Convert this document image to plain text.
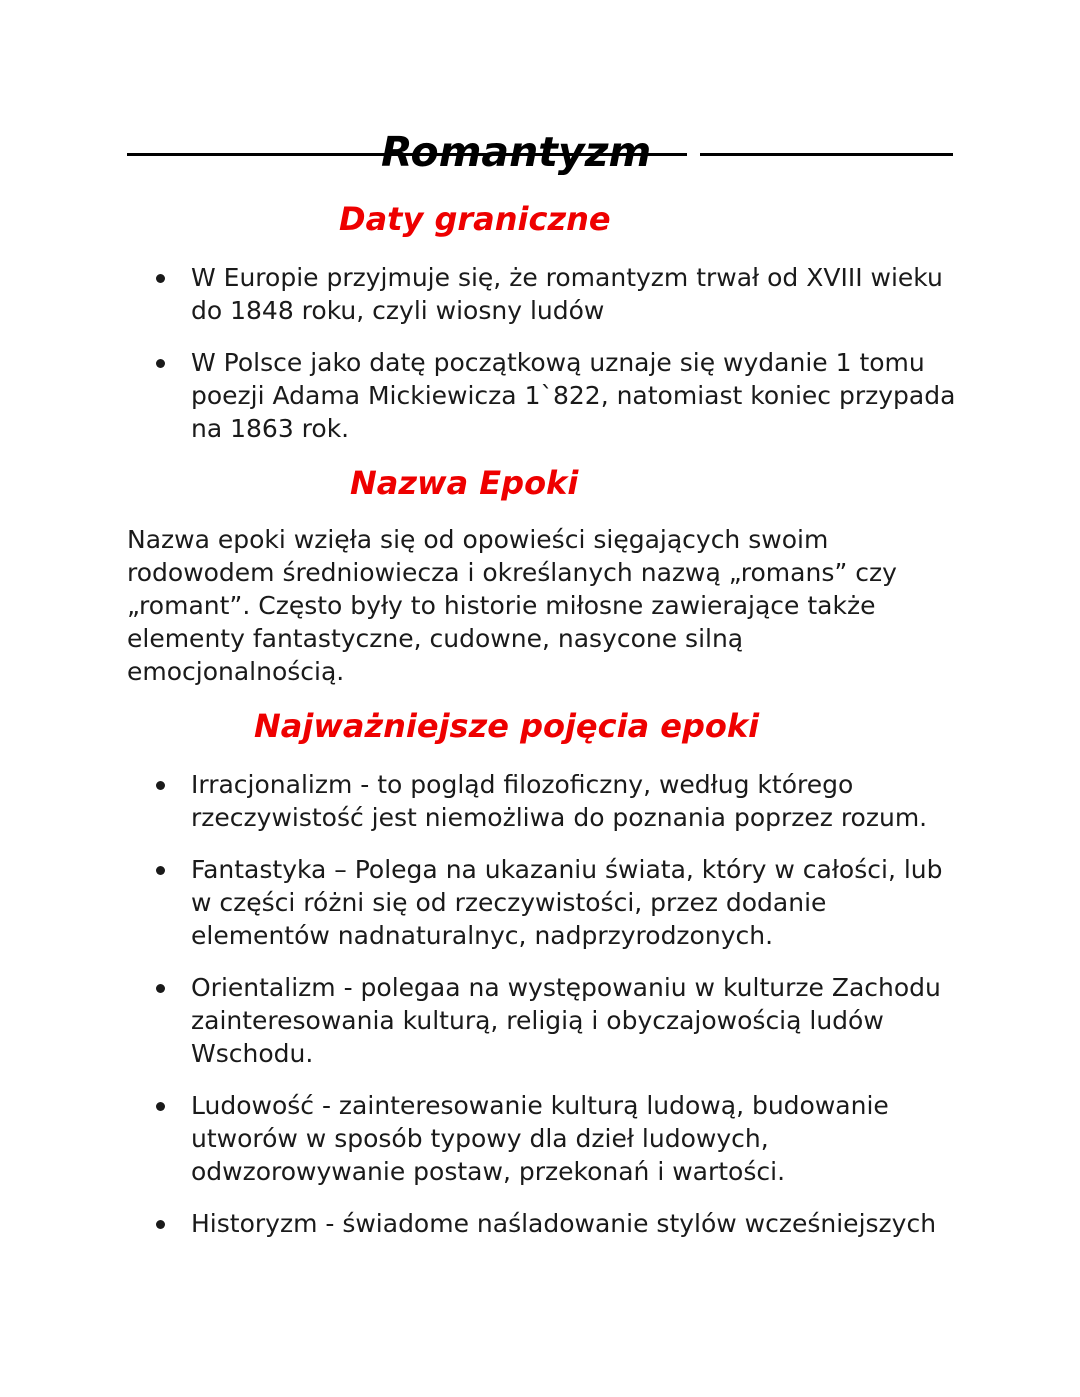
Romantyzm
Daty graniczne
W Europie przyjmuje się, że romantyzm trwał od XVIII wieku do 1848 roku, czyli wiosny ludów
W Polsce jako datę początkową uznaje się wydanie 1 tomu poezji Adama Mickiewicza 1`822, natomiast koniec przypada na 1863 rok.
Nazwa Epoki
Nazwa epoki wzięła się od opowieści sięgających swoim rodowodem średniowiecza i określanych nazwą „romans” czy „romant”. Często były to historie miłosne zawierające także elementy fantastyczne, cudowne, nasycone silną emocjonalnością.
Najważniejsze pojęcia epoki
Irracjonalizm - to pogląd filozoficzny, według którego rzeczywistość jest niemożliwa do poznania poprzez rozum.
Fantastyka – Polega na ukazaniu świata, który w całości, lub w części różni się od rzeczywistości, przez dodanie elementów nadnaturalnyc, nadprzyrodzonych.
Orientalizm - polegaa na występowaniu w kulturze Zachodu zainteresowania kulturą, religią i obyczajowością ludów Wschodu.
Ludowość - zainteresowanie kulturą ludową, budowanie utworów w sposób typowy dla dzieł ludowych, odwzorowywanie postaw, przekonań i wartości.
Historyzm - świadome naśladowanie stylów wcześniejszych
